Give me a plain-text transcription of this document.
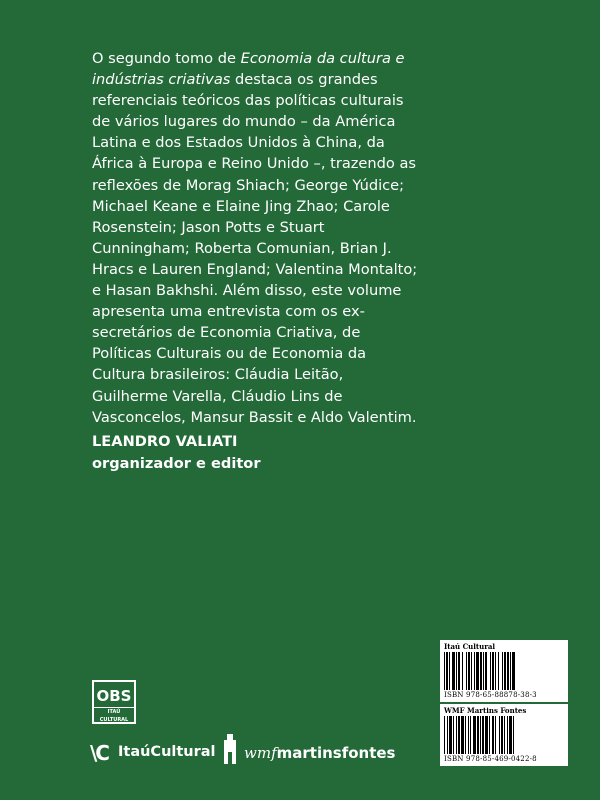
O segundo tomo de Economia da cultura e indústrias criativas destaca os grandes referenciais teóricos das políticas culturais de vários lugares do mundo – da América Latina e dos Estados Unidos à China, da África à Europa e Reino Unido –, trazendo as reflexões de Morag Shiach; George Yúdice; Michael Keane e Elaine Jing Zhao; Carole Rosenstein; Jason Potts e Stuart Cunningham; Roberta Comunian, Brian J. Hracs e Lauren England; Valentina Montalto; e Hasan Bakhshi. Além disso, este volume apresenta uma entrevista com os ex-secretários de Economia Criativa, de Políticas Culturais ou de Economia da Cultura brasileiros: Cláudia Leitão, Guilherme Varella, Cláudio Lins de Vasconcelos, Mansur Bassit e Aldo Valentim.

LEANDRO VALIATI
organizador e editor
Itaú Cultural
ISBN 978-65-88878-38-3
WMF Martins Fontes
ISBN 978-85-469-0422-8
OBS
ITAÚ CULTURAL
\C ItaúCultural wmfmartinsfontes
